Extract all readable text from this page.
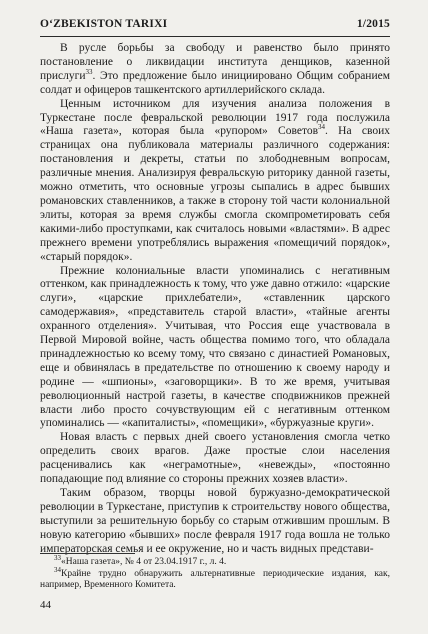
O‘ZBEKISTON TARIXI	1/2015

В русле борьбы за свободу и равенство было принято постановление о ликвидации института денщиков, казенной прислуги$^{33}$. Это предложение было инициировано Общим собранием солдат и офицеров ташкентского артиллерийского склада.

Ценным источником для изучения анализа положения в Туркестане после февральской революции 1917 года послужила «Наша газета», которая была «рупором» Советов$^{34}$. На своих страницах она публиковала материалы различного содержания: постановления и декреты, статьи по злободневным вопросам, различные мнения. Анализируя февральскую риторику данной газеты, можно отметить, что основные угрозы сыпались в адрес бывших романовских ставленников, а также в сторону той части колониальной элиты, которая за время службы смогла скомпрометировать себя какими-либо проступками, как считалось новыми «властями». В адрес прежнего времени употреблялись выражения «помещичий порядок», «старый порядок».

Прежние колониальные власти упоминались с негативным оттенком, как принадлежность к тому, что уже давно отжило: «царские слуги», «царские прихлебатели», «ставленник царского самодержавия», «представитель старой власти», «тайные агенты охранного отделения». Учитывая, что Россия еще участвовала в Первой Мировой войне, часть общества помимо того, что обладала принадлежностью ко всему тому, что связано с династией Романовых, еще и обвинялась в предательстве по отношению к своему народу и родине — «шпионы», «заговорщики». В то же время, учитывая революционный настрой газеты, в качестве сподвижников прежней власти либо просто сочувствующим ей с негативным оттенком упоминались — «капиталисты», «помещики», «буржуазные круги».

Новая власть с первых дней своего установления смогла четко определить своих врагов. Даже простые слои населения расценивались как «неграмотные», «невежды», «постоянно попадающие под влияние со стороны прежних хозяев власти».

Таким образом, творцы новой буржуазно-демократической революции в Туркестане, приступив к строительству нового общества, выступили за решительную борьбу со старым отжившим прошлым. В новую категорию «бывших» после февраля 1917 года вошла не только императорская семья и ее окружение, но и часть видных представи-

$^{33}$«Наша газета», № 4 от 23.04.1917 г., л. 4.

$^{34}$Крайне трудно обнаружить альтернативные периодические издания, как, например, Временного Комитета.

44
